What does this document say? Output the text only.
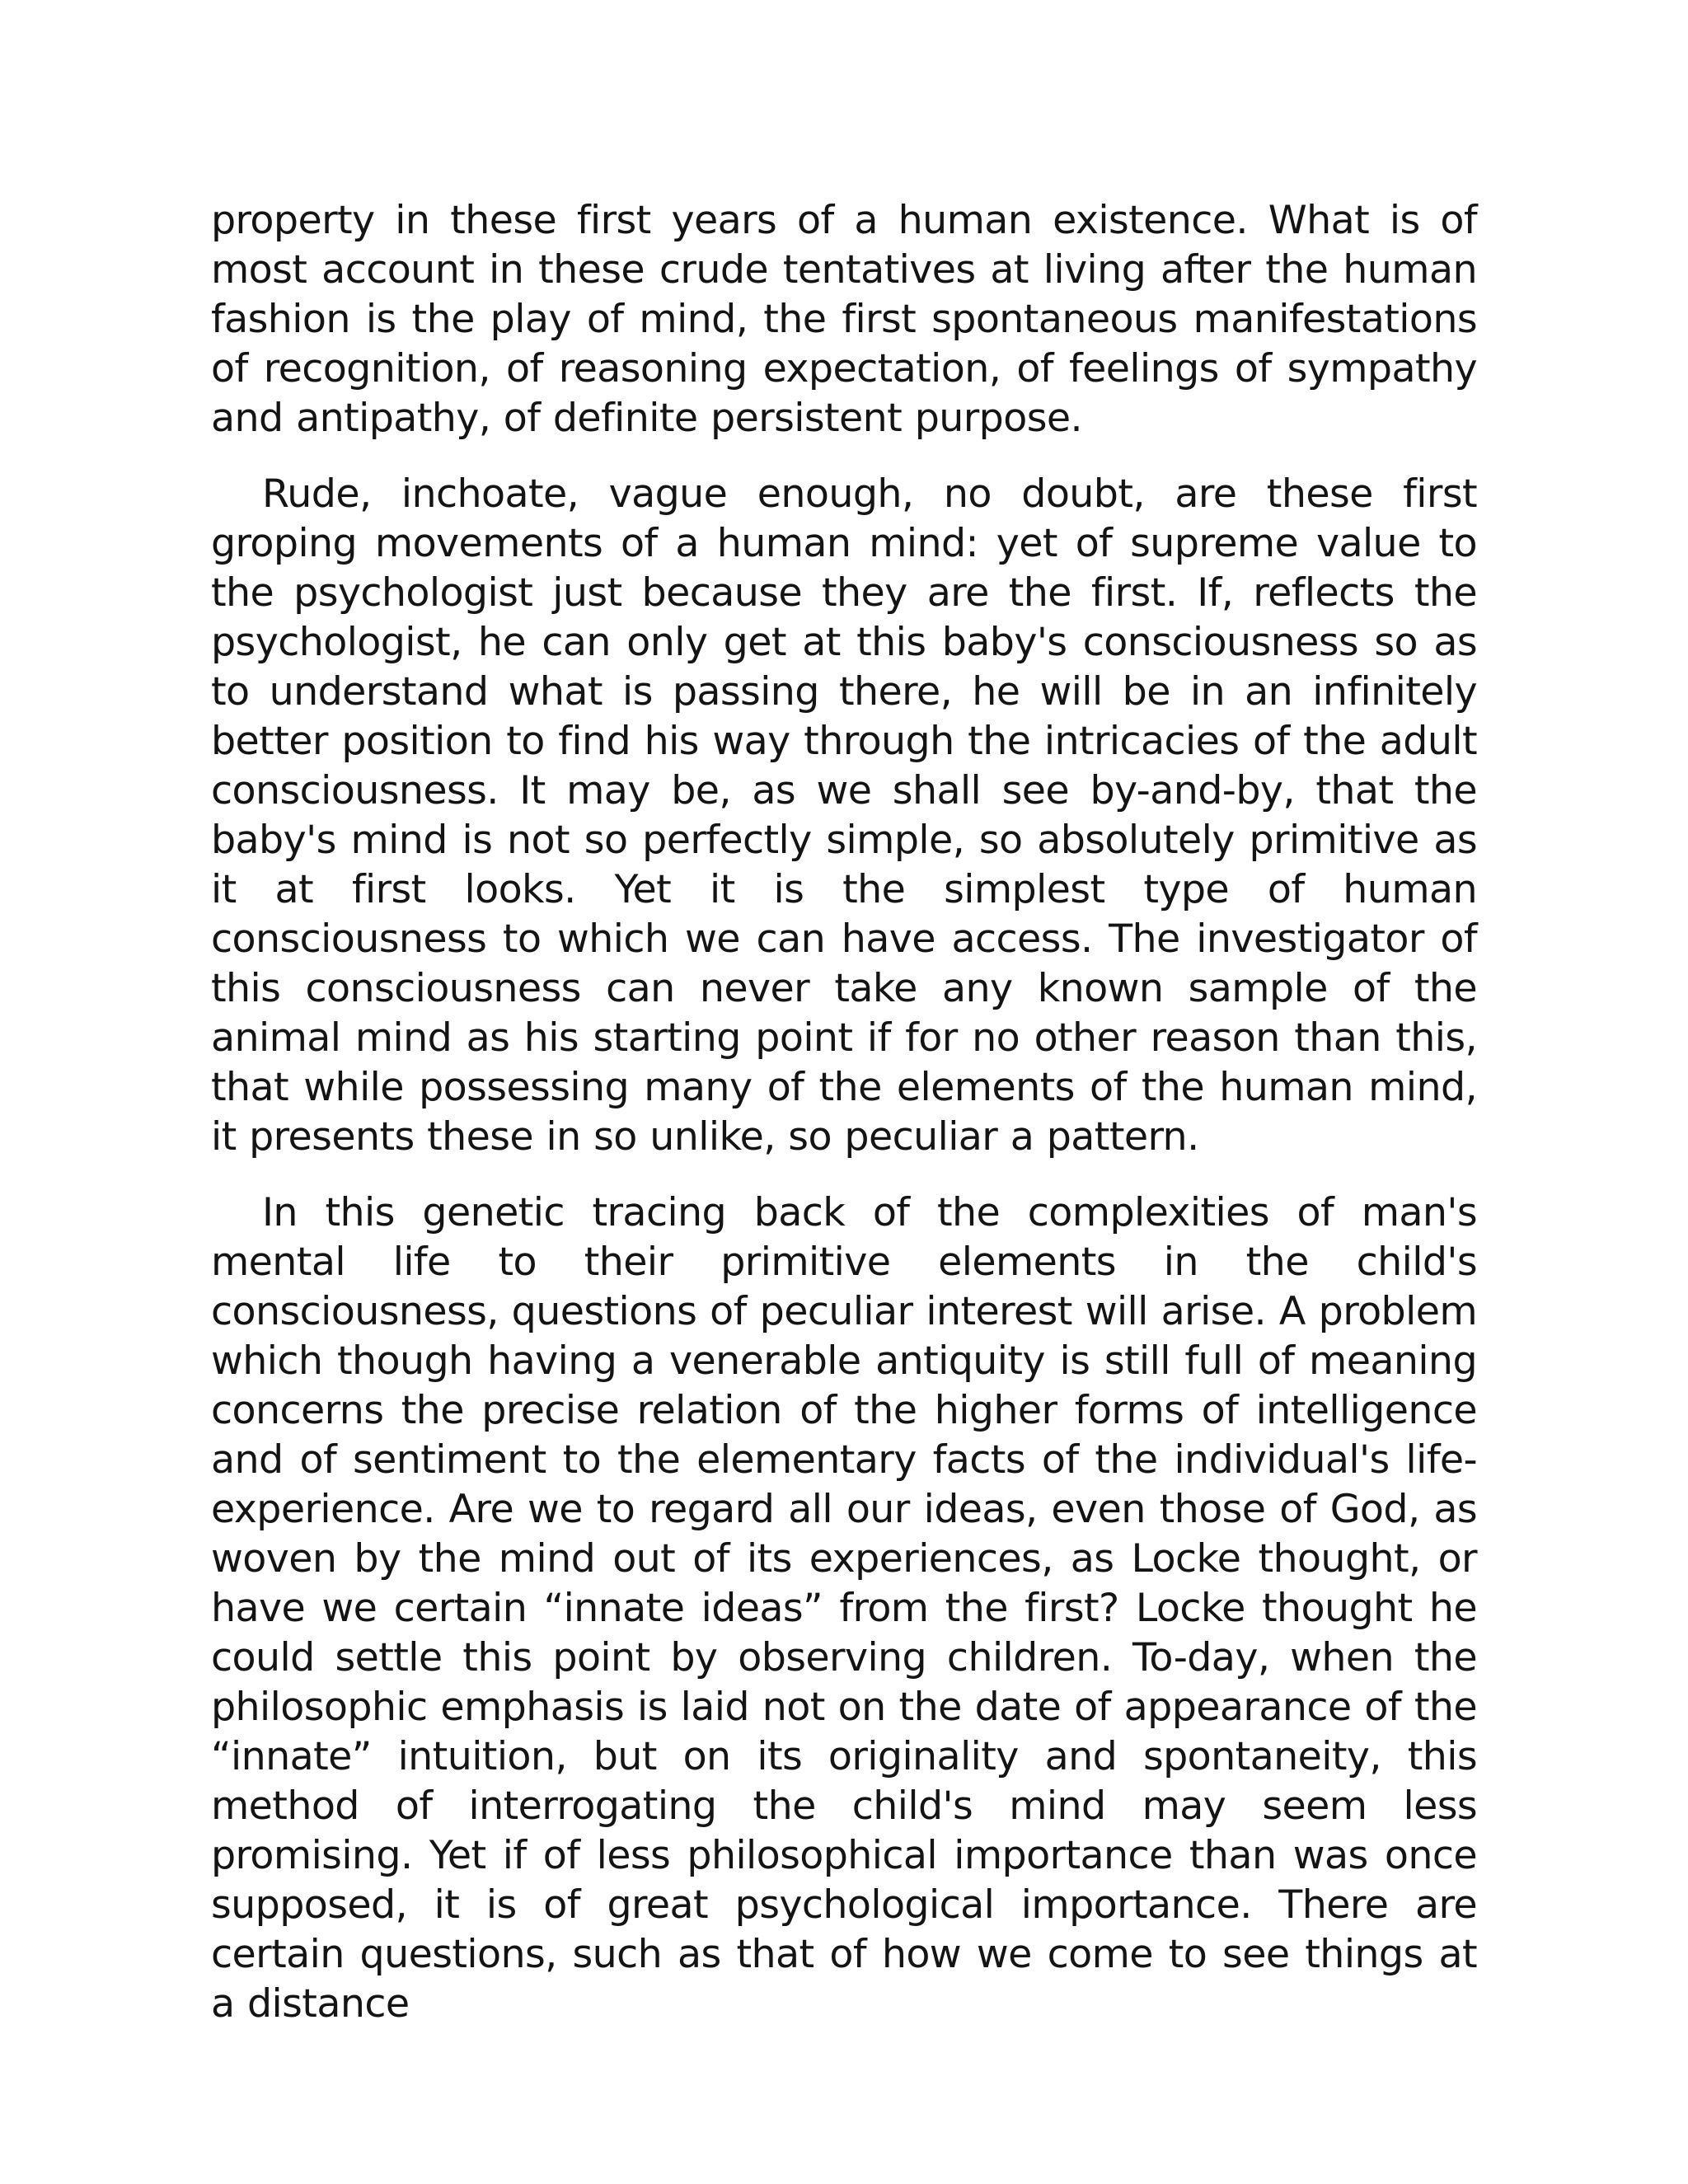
property in these first years of a human existence. What is of most account in these crude tentatives at living after the human fashion is the play of mind, the first spontaneous manifestations of recognition, of reasoning expectation, of feelings of sympathy and antipathy, of definite persistent purpose.

Rude, inchoate, vague enough, no doubt, are these first groping movements of a human mind: yet of supreme value to the psychologist just because they are the first. If, reflects the psychologist, he can only get at this baby's consciousness so as to understand what is passing there, he will be in an infinitely better position to find his way through the intricacies of the adult consciousness. It may be, as we shall see by-and-by, that the baby's mind is not so perfectly simple, so absolutely primitive as it at first looks. Yet it is the simplest type of human consciousness to which we can have access. The investigator of this consciousness can never take any known sample of the animal mind as his starting point if for no other reason than this, that while possessing many of the elements of the human mind, it presents these in so unlike, so peculiar a pattern.

In this genetic tracing back of the complexities of man's mental life to their primitive elements in the child's consciousness, questions of peculiar interest will arise. A problem which though having a venerable antiquity is still full of meaning concerns the precise relation of the higher forms of intelligence and of sentiment to the elementary facts of the individual's life-experience. Are we to regard all our ideas, even those of God, as woven by the mind out of its experiences, as Locke thought, or have we certain “innate ideas” from the first? Locke thought he could settle this point by observing children. To-day, when the philosophic emphasis is laid not on the date of appearance of the “innate” intuition, but on its originality and spontaneity, this method of interrogating the child's mind may seem less promising. Yet if of less philosophical importance than was once supposed, it is of great psychological importance. There are certain questions, such as that of how we come to see things at a distance
